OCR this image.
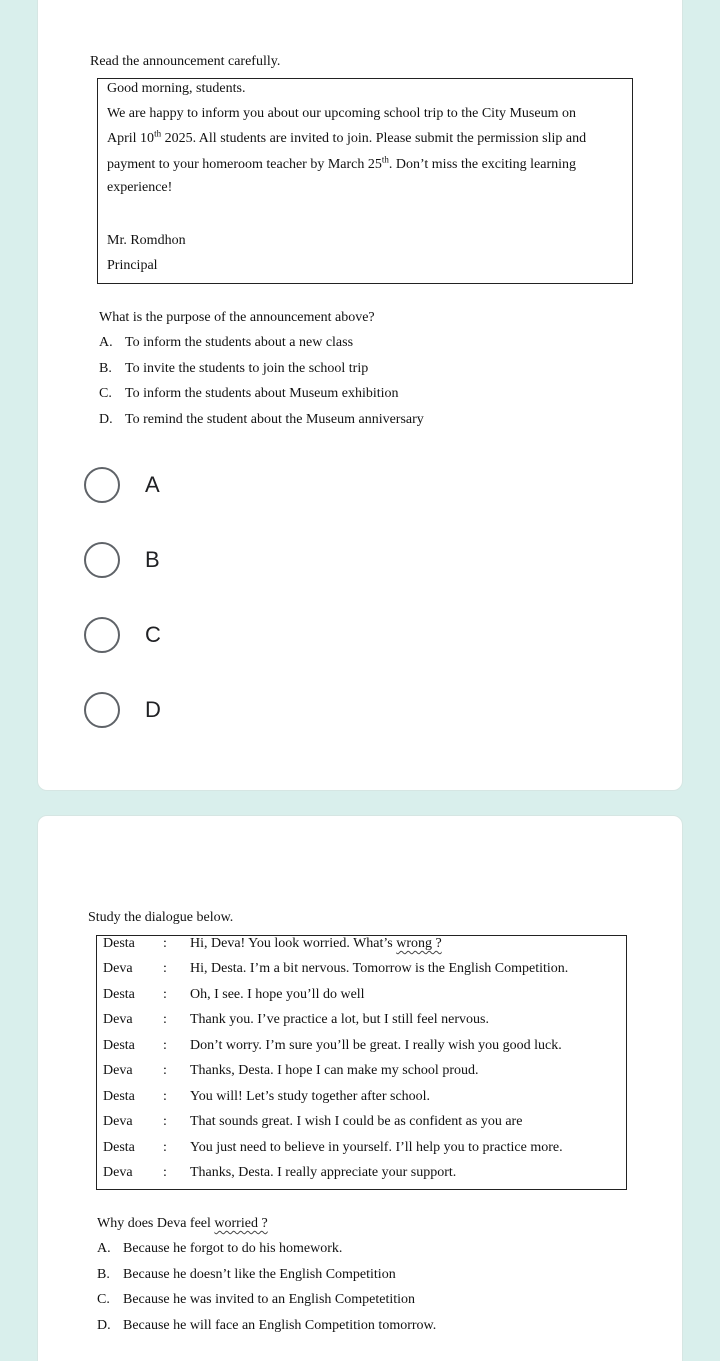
Read the announcement carefully.
Good morning, students.
We are happy to inform you about our upcoming school trip to the City Museum on
April 10th 2025. All students are invited to join. Please submit the permission slip and
payment to your homeroom teacher by March 25th. Don’t miss the exciting learning
experience!
Mr. Romdhon
Principal
What is the purpose of the announcement above?
A. To inform the students about a new class
B. To invite the students to join the school trip
C. To inform the students about Museum exhibition
D. To remind the student about the Museum anniversary
A
B
C
D
Study the dialogue below.
Desta : Hi, Deva! You look worried. What’s wrong ?
Deva : Hi, Desta. I’m a bit nervous. Tomorrow is the English Competition.
Desta : Oh, I see. I hope you’ll do well
Deva : Thank you. I’ve practice a lot, but I still feel nervous.
Desta : Don’t worry. I’m sure you’ll be great. I really wish you good luck.
Deva : Thanks, Desta. I hope I can make my school proud.
Desta : You will! Let’s study together after school.
Deva : That sounds great. I wish I could be as confident as you are
Desta : You just need to believe in yourself. I’ll help you to practice more.
Deva : Thanks, Desta. I really appreciate your support.
Why does Deva feel worried ?
A. Because he forgot to do his homework.
B. Because he doesn’t like the English Competition
C. Because he was invited to an English Competetition
D. Because he will face an English Competition tomorrow.
